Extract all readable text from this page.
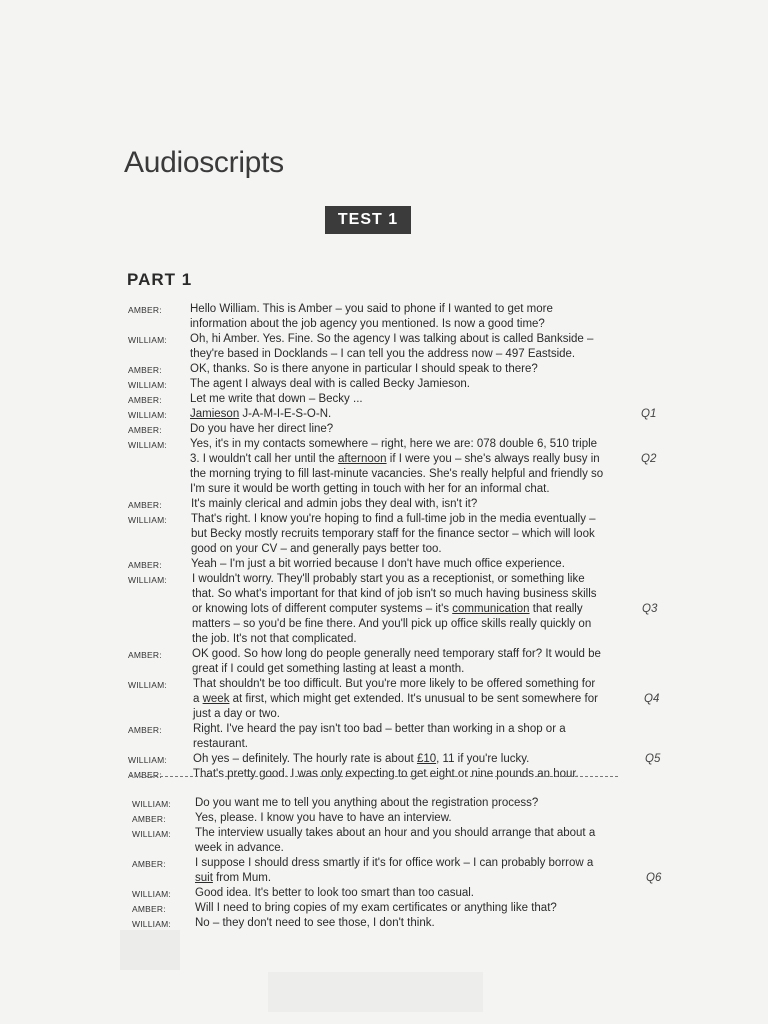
Audioscripts
TEST 1
PART 1
AMBER: Hello William. This is Amber – you said to phone if I wanted to get more
information about the job agency you mentioned. Is now a good time?
WILLIAM: Oh, hi Amber. Yes. Fine. So the agency I was talking about is called Bankside –
they're based in Docklands – I can tell you the address now – 497 Eastside.
AMBER: OK, thanks. So is there anyone in particular I should speak to there?
WILLIAM: The agent I always deal with is called Becky Jamieson.
AMBER: Let me write that down – Becky ...
WILLIAM: Jamieson J-A-M-I-E-S-O-N.	Q1
AMBER: Do you have her direct line?
WILLIAM: Yes, it's in my contacts somewhere – right, here we are: 078 double 6, 510 triple
3. I wouldn't call her until the afternoon if I were you – she's always really busy in	Q2
the morning trying to fill last-minute vacancies. She's really helpful and friendly so
I'm sure it would be worth getting in touch with her for an informal chat.
AMBER:	It's mainly clerical and admin jobs they deal with, isn't it?
WILLIAM: That's right. I know you're hoping to find a full-time job in the media eventually –
but Becky mostly recruits temporary staff for the finance sector – which will look
good on your CV – and generally pays better too.
AMBER:	Yeah – I'm just a bit worried because I don't have much office experience.
WILLIAM: I wouldn't worry. They'll probably start you as a receptionist, or something like
that. So what's important for that kind of job isn't so much having business skills
or knowing lots of different computer systems – it's communication that really	Q3
matters – so you'd be fine there. And you'll pick up office skills really quickly on
the job. It's not that complicated.
AMBER:	OK good. So how long do people generally need temporary staff for? It would be
great if I could get something lasting at least a month.
WILLIAM: That shouldn't be too difficult. But you're more likely to be offered something for
a week at first, which might get extended. It's unusual to be sent somewhere for	Q4
just a day or two.
AMBER:	Right. I've heard the pay isn't too bad – better than working in a shop or a
restaurant.
WILLIAM: Oh yes – definitely. The hourly rate is about £10, 11 if you're lucky.	Q5
AMBER:	That's pretty good. I was only expecting to get eight or nine pounds an hour.
WILLIAM: Do you want me to tell you anything about the registration process?
AMBER:	Yes, please. I know you have to have an interview.
WILLIAM: The interview usually takes about an hour and you should arrange that about a
week in advance.
AMBER:	I suppose I should dress smartly if it's for office work – I can probably borrow a
suit from Mum.	Q6
WILLIAM: Good idea. It's better to look too smart than too casual.
AMBER:	Will I need to bring copies of my exam certificates or anything like that?
WILLIAM: No – they don't need to see those, I don't think.
